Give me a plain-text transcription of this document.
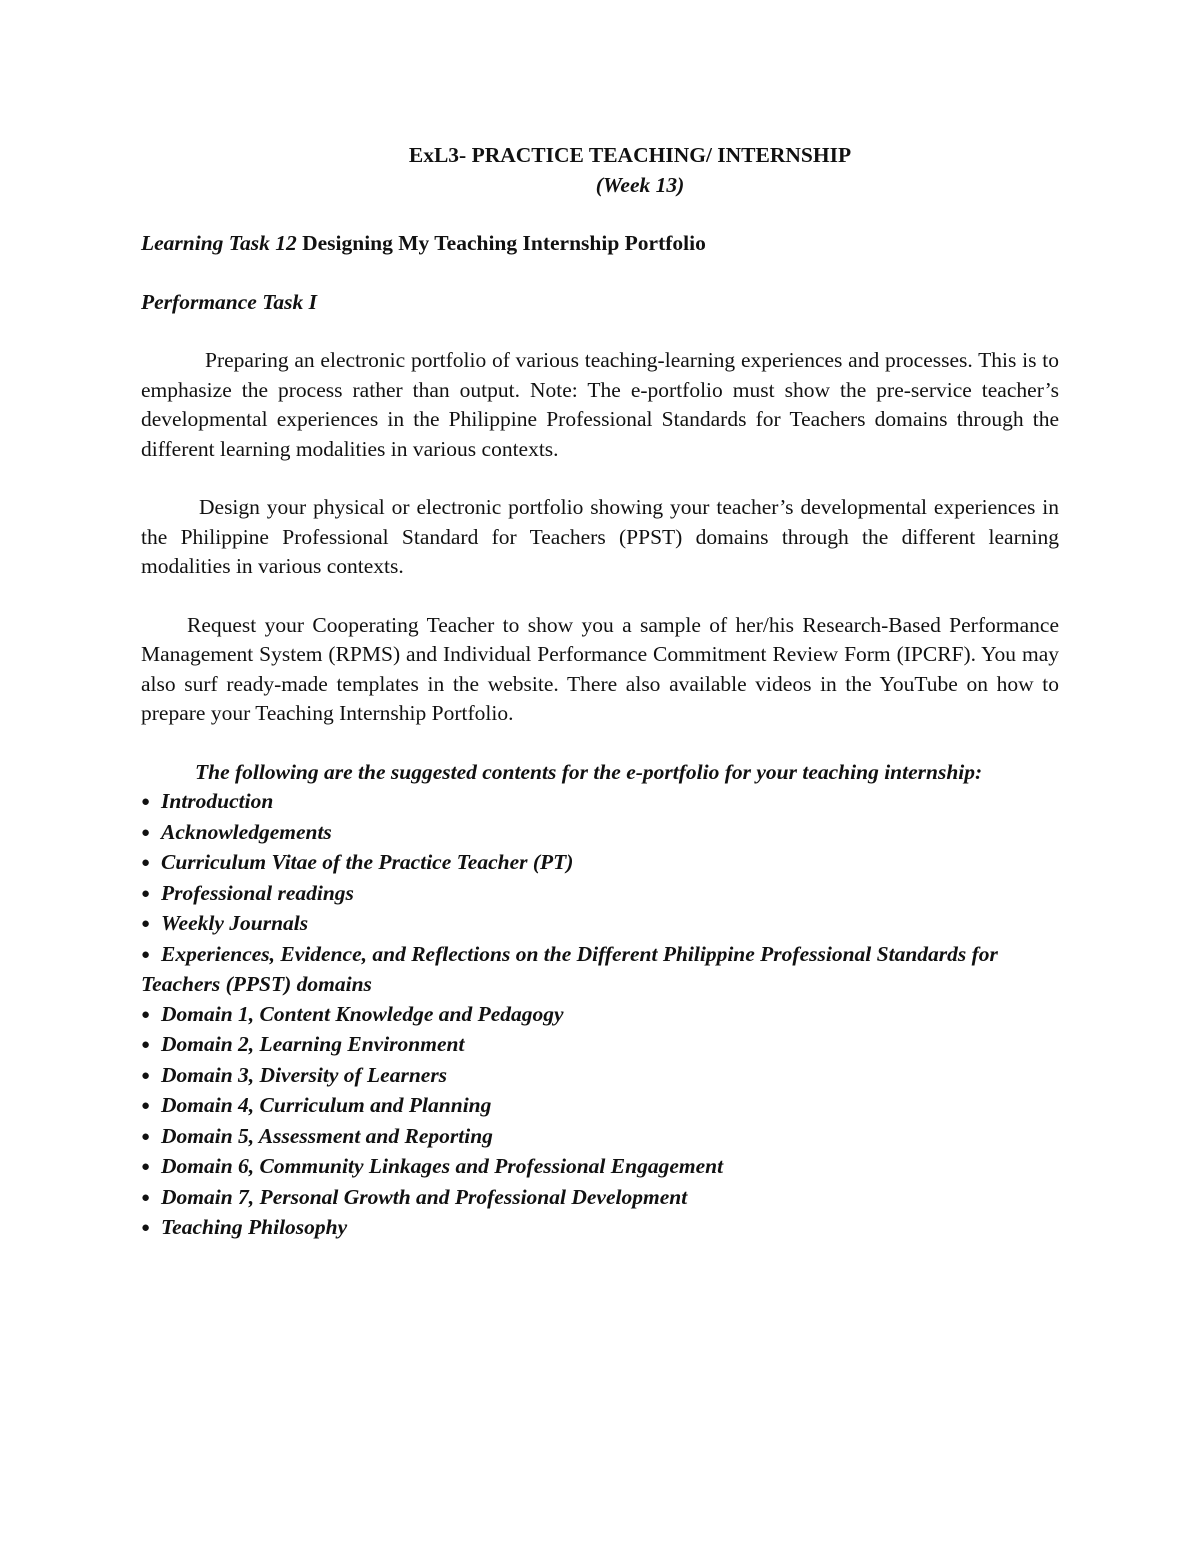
ExL3- PRACTICE TEACHING/ INTERNSHIP

(Week 13)

Learning Task 12 Designing My Teaching Internship Portfolio

Performance Task I

Preparing an electronic portfolio of various teaching-learning experiences and processes. This is to emphasize the process rather than output. Note: The e-portfolio must show the pre-service teacher’s developmental experiences in the Philippine Professional Standards for Teachers domains through the different learning modalities in various contexts.

Design your physical or electronic portfolio showing your teacher’s developmental experiences in the Philippine Professional Standard for Teachers (PPST) domains through the different learning modalities in various contexts.

Request your Cooperating Teacher to show you a sample of her/his Research-Based Performance Management System (RPMS) and Individual Performance Commitment Review Form (IPCRF). You may also surf ready-made templates in the website. There also available videos in the YouTube on how to prepare your Teaching Internship Portfolio.

The following are the suggested contents for the e-portfolio for your teaching internship:

● Introduction
● Acknowledgements
● Curriculum Vitae of the Practice Teacher (PT)
● Professional readings
● Weekly Journals
● Experiences, Evidence, and Reflections on the Different Philippine Professional Standards for Teachers (PPST) domains
● Domain 1, Content Knowledge and Pedagogy
● Domain 2, Learning Environment
● Domain 3, Diversity of Learners
● Domain 4, Curriculum and Planning
● Domain 5, Assessment and Reporting
● Domain 6, Community Linkages and Professional Engagement
● Domain 7, Personal Growth and Professional Development
● Teaching Philosophy
